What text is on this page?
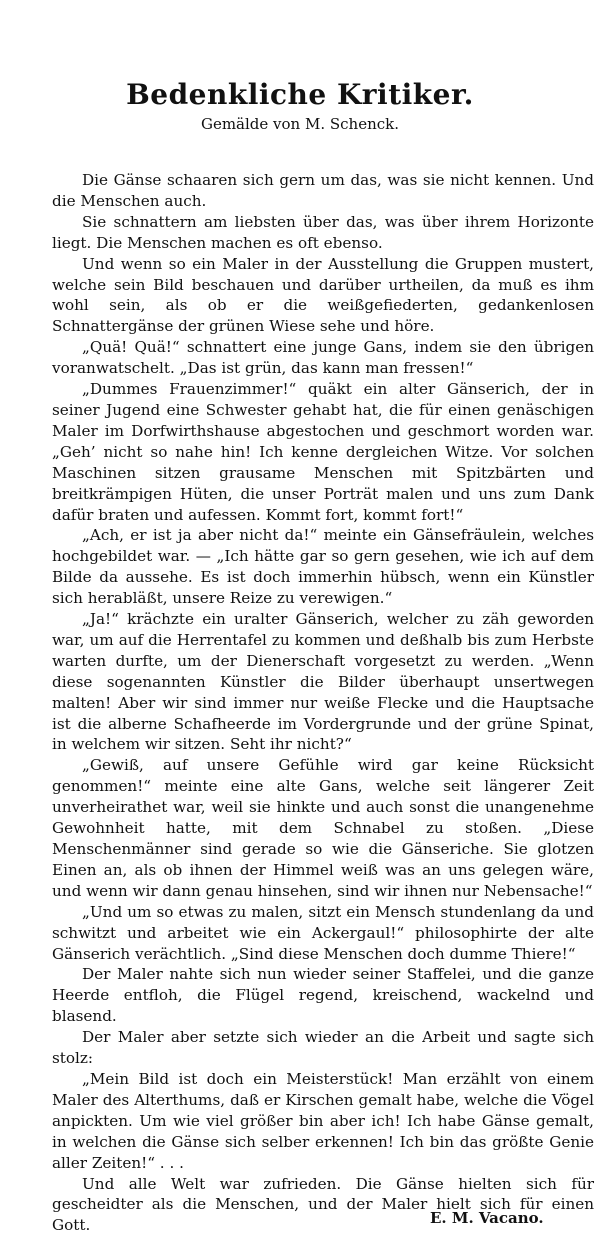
Bedenkliche Kritiker.

Gemälde von M. Schenck.

Die Gänse schaaren sich gern um das, was sie nicht kennen. Und die Menschen auch.

Sie schnattern am liebsten über das, was über ihrem Horizonte liegt. Die Menschen machen es oft ebenso.

Und wenn so ein Maler in der Ausstellung die Gruppen mustert, welche sein Bild beschauen und darüber urtheilen, da muß es ihm wohl sein, als ob er die weißgefiederten, gedankenlosen Schnattergänse der grünen Wiese sehe und höre.

„Quä! Quä!“ schnattert eine junge Gans, indem sie den übrigen voranwatschelt. „Das ist grün, das kann man fressen!“

„Dummes Frauenzimmer!“ quäkt ein alter Gänserich, der in seiner Jugend eine Schwester gehabt hat, die für einen genäschigen Maler im Dorfwirthshause abgestochen und geschmort worden war. „Geh’ nicht so nahe hin! Ich kenne dergleichen Witze. Vor solchen Maschinen sitzen grausame Menschen mit Spitzbärten und breitkrämpigen Hüten, die unser Porträt malen und uns zum Dank dafür braten und aufessen. Kommt fort, kommt fort!“

„Ach, er ist ja aber nicht da!“ meinte ein Gänsefräulein, welches hochgebildet war. — „Ich hätte gar so gern gesehen, wie ich auf dem Bilde da aussehe. Es ist doch immerhin hübsch, wenn ein Künstler sich herabläßt, unsere Reize zu verewigen.“

„Ja!“ krächzte ein uralter Gänserich, welcher zu zäh geworden war, um auf die Herrentafel zu kommen und deßhalb bis zum Herbste warten durfte, um der Dienerschaft vorgesetzt zu werden. „Wenn diese sogenannten Künstler die Bilder überhaupt unsertwegen malten! Aber wir sind immer nur weiße Flecke und die Hauptsache ist die alberne Schafheerde im Vordergrunde und der grüne Spinat, in welchem wir sitzen. Seht ihr nicht?“

„Gewiß, auf unsere Gefühle wird gar keine Rücksicht genommen!“ meinte eine alte Gans, welche seit längerer Zeit unverheirathet war, weil sie hinkte und auch sonst die unangenehme Gewohnheit hatte, mit dem Schnabel zu stoßen. „Diese Menschenmänner sind gerade so wie die Gänseriche. Sie glotzen Einen an, als ob ihnen der Himmel weiß was an uns gelegen wäre, und wenn wir dann genau hinsehen, sind wir ihnen nur Nebensache!“

„Und um so etwas zu malen, sitzt ein Mensch stundenlang da und schwitzt und arbeitet wie ein Ackergaul!“ philosophirte der alte Gänserich verächtlich. „Sind diese Menschen doch dumme Thiere!“

Der Maler nahte sich nun wieder seiner Staffelei, und die ganze Heerde entfloh, die Flügel regend, kreischend, wackelnd und blasend.

Der Maler aber setzte sich wieder an die Arbeit und sagte sich stolz:

„Mein Bild ist doch ein Meisterstück! Man erzählt von einem Maler des Alterthums, daß er Kirschen gemalt habe, welche die Vögel anpickten. Um wie viel größer bin aber ich! Ich habe Gänse gemalt, in welchen die Gänse sich selber erkennen! Ich bin das größte Genie aller Zeiten!“ . . .

Und alle Welt war zufrieden. Die Gänse hielten sich für gescheidter als die Menschen, und der Maler hielt sich für einen Gott.	E. M. Vacano.
